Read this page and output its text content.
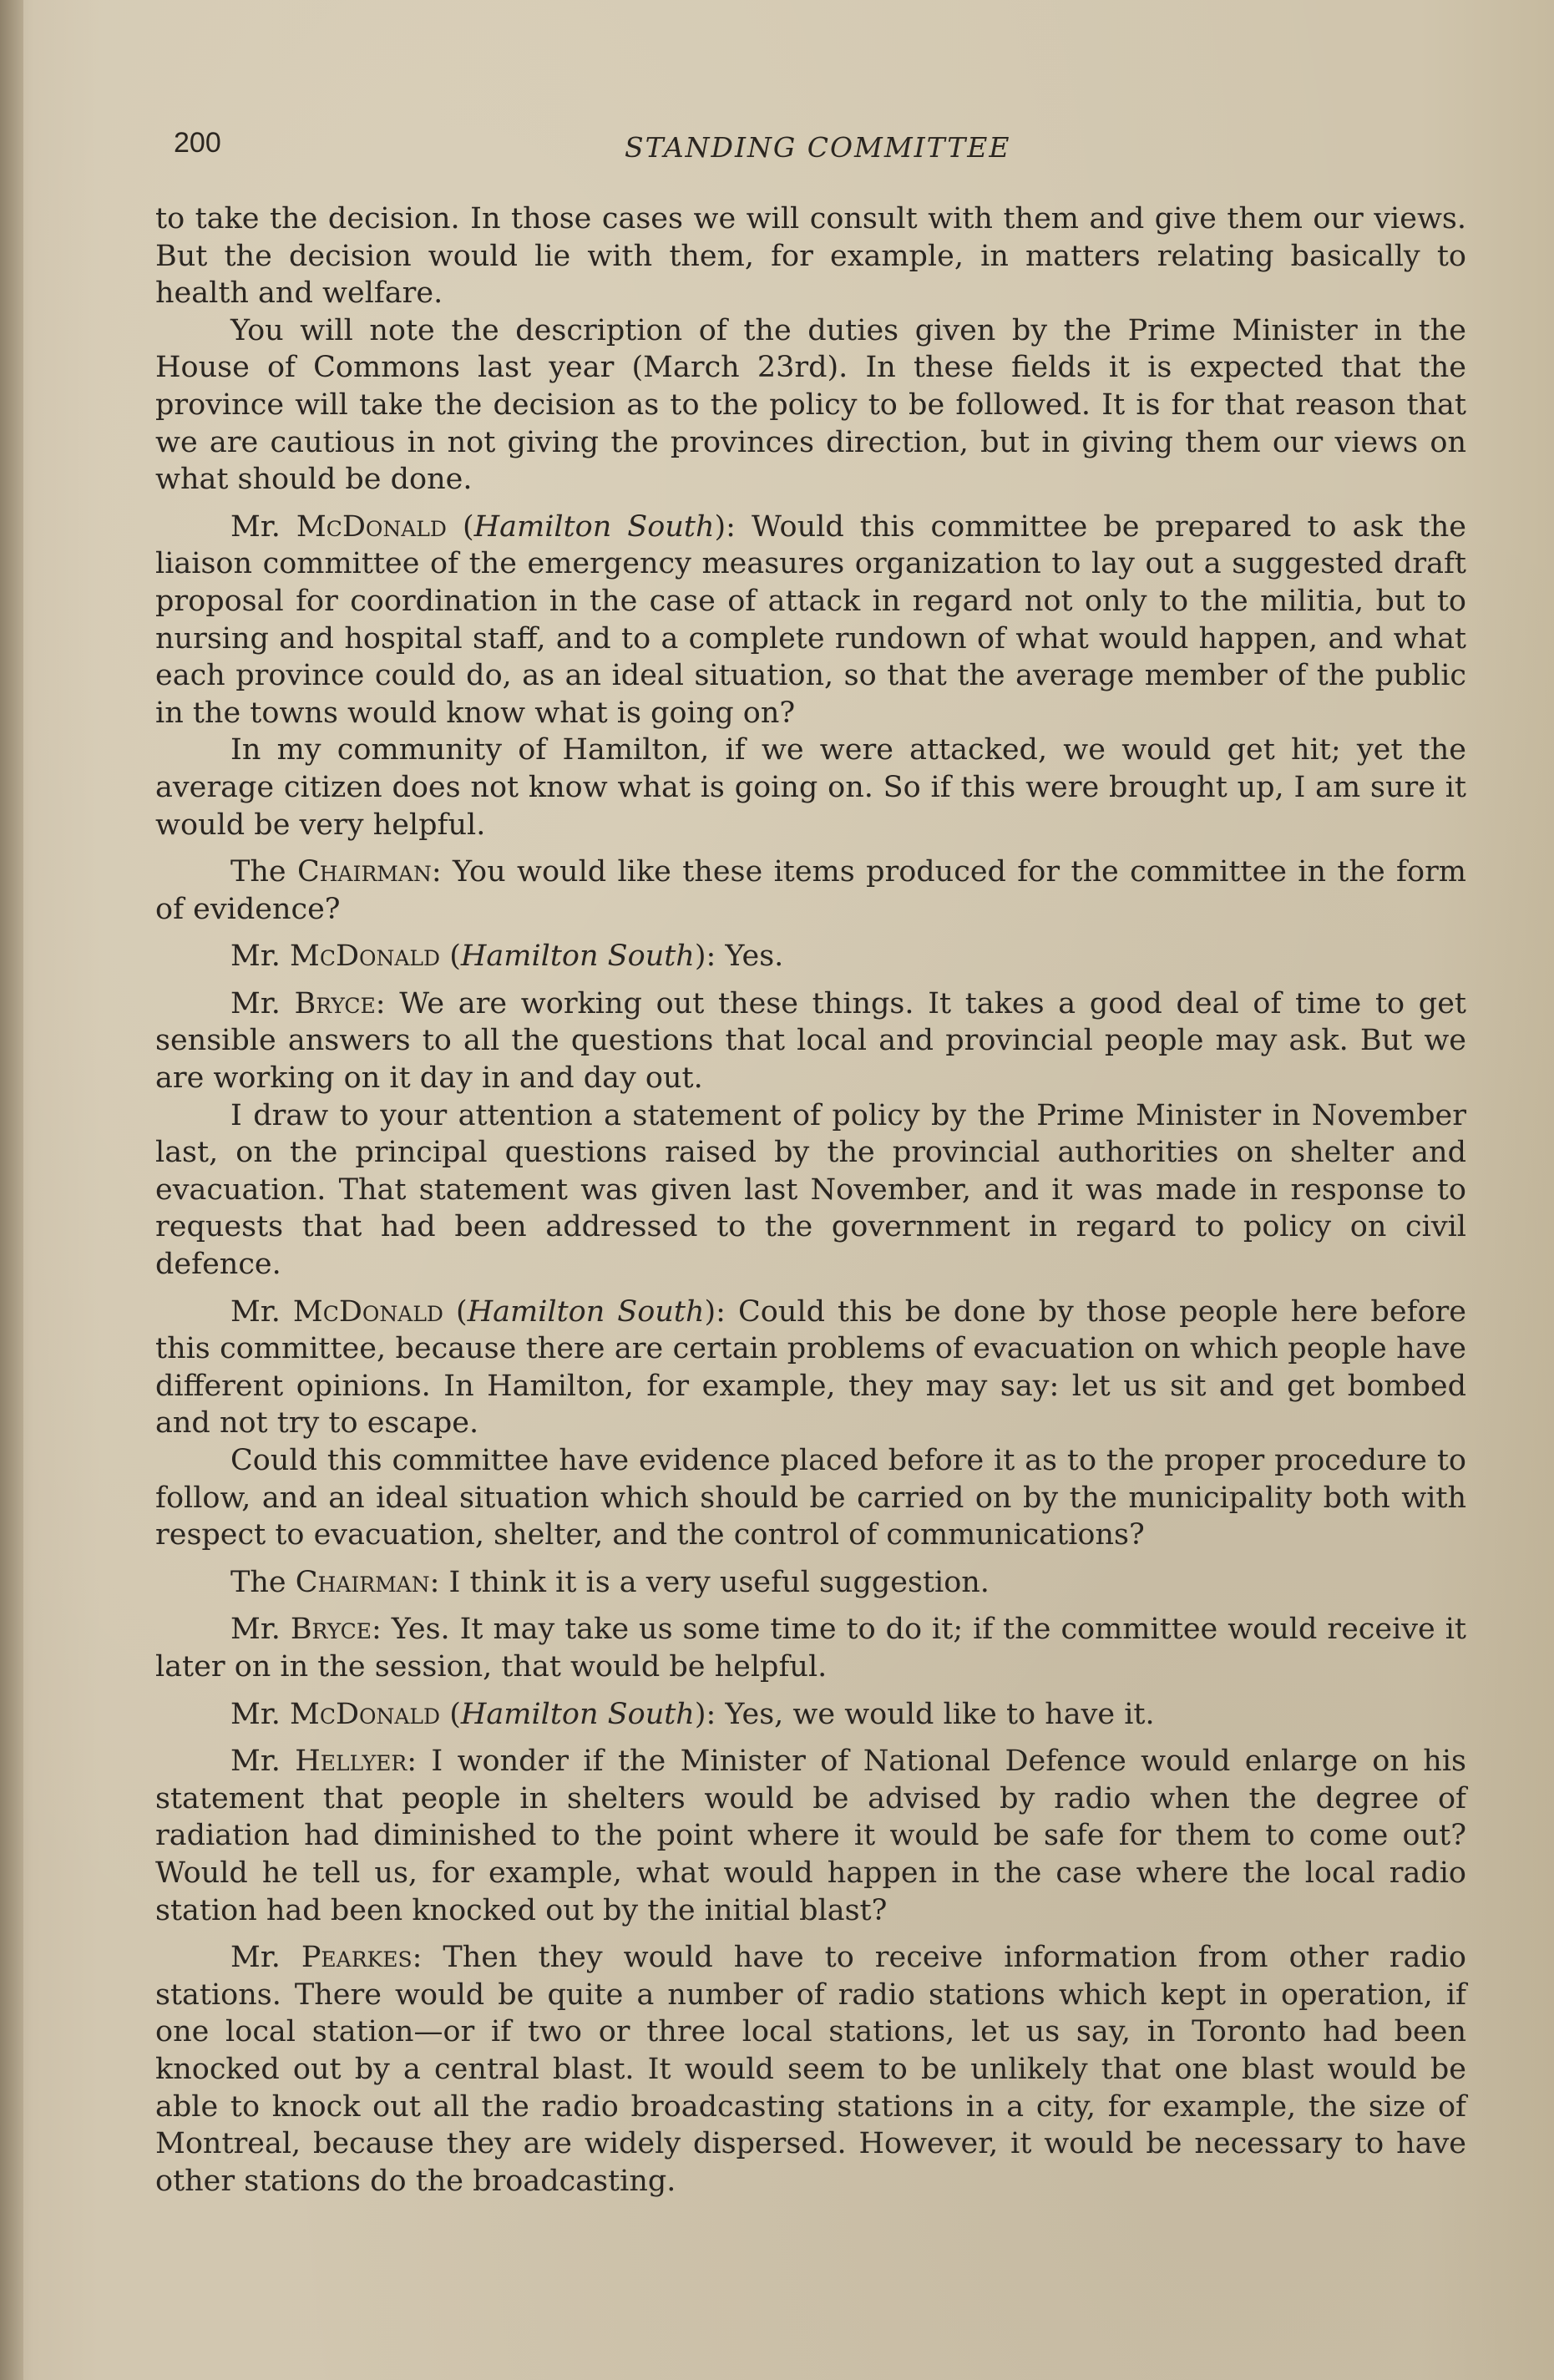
200	STANDING COMMITTEE

to take the decision. In those cases we will consult with them and give them our views. But the decision would lie with them, for example, in matters relating basically to health and welfare.

You will note the description of the duties given by the Prime Minister in the House of Commons last year (March 23rd). In these fields it is expected that the province will take the decision as to the policy to be followed. It is for that reason that we are cautious in not giving the provinces direction, but in giving them our views on what should be done.

Mr. McDonald (Hamilton South): Would this committee be prepared to ask the liaison committee of the emergency measures organization to lay out a suggested draft proposal for coordination in the case of attack in regard not only to the militia, but to nursing and hospital staff, and to a complete rundown of what would happen, and what each province could do, as an ideal situation, so that the average member of the public in the towns would know what is going on?

In my community of Hamilton, if we were attacked, we would get hit; yet the average citizen does not know what is going on. So if this were brought up, I am sure it would be very helpful.

The Chairman: You would like these items produced for the committee in the form of evidence?

Mr. McDonald (Hamilton South): Yes.

Mr. Bryce: We are working out these things. It takes a good deal of time to get sensible answers to all the questions that local and provincial people may ask. But we are working on it day in and day out.

I draw to your attention a statement of policy by the Prime Minister in November last, on the principal questions raised by the provincial authorities on shelter and evacuation. That statement was given last November, and it was made in response to requests that had been addressed to the government in regard to policy on civil defence.

Mr. McDonald (Hamilton South): Could this be done by those people here before this committee, because there are certain problems of evacuation on which people have different opinions. In Hamilton, for example, they may say: let us sit and get bombed and not try to escape.

Could this committee have evidence placed before it as to the proper procedure to follow, and an ideal situation which should be carried on by the municipality both with respect to evacuation, shelter, and the control of communications?

The Chairman: I think it is a very useful suggestion.

Mr. Bryce: Yes. It may take us some time to do it; if the committee would receive it later on in the session, that would be helpful.

Mr. McDonald (Hamilton South): Yes, we would like to have it.

Mr. Hellyer: I wonder if the Minister of National Defence would enlarge on his statement that people in shelters would be advised by radio when the degree of radiation had diminished to the point where it would be safe for them to come out? Would he tell us, for example, what would happen in the case where the local radio station had been knocked out by the initial blast?

Mr. Pearkes: Then they would have to receive information from other radio stations. There would be quite a number of radio stations which kept in operation, if one local station—or if two or three local stations, let us say, in Toronto had been knocked out by a central blast. It would seem to be unlikely that one blast would be able to knock out all the radio broadcasting stations in a city, for example, the size of Montreal, because they are widely dispersed. However, it would be necessary to have other stations do the broadcasting.
